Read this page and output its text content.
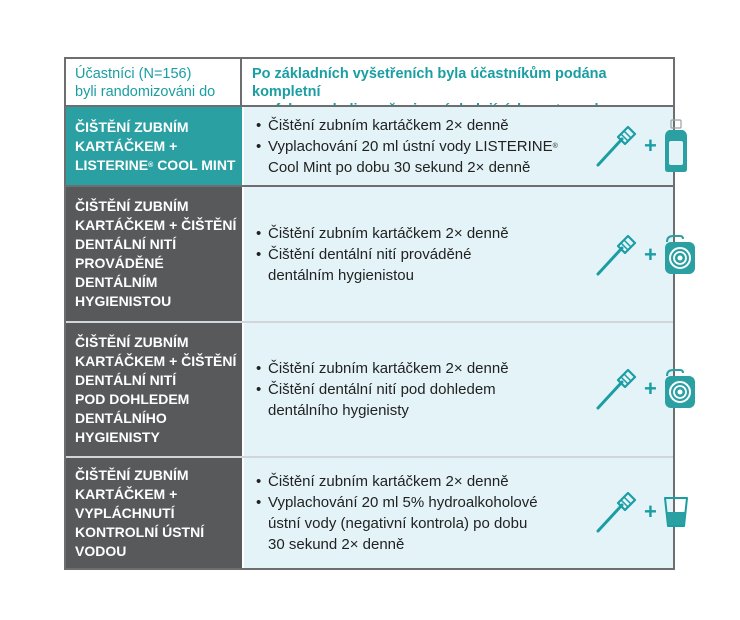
Účastníci (N=156)
byli randomizováni do
Po základních vyšetřeních byla účastníkům podána kompletní
ČIŠTĚNÍ ZUBNÍM
KARTÁČKEM +
LISTERINE® COOL MINT
• Čištění zubním kartáčkem 2× denně
• Vyplachování 20 ml ústní vody LISTERINE®
Cool Mint po dobu 30 sekund 2× denně
+
ČIŠTĚNÍ ZUBNÍM
KARTÁČKEM + ČIŠTĚNÍ
DENTÁLNÍ NITÍ
PROVÁDĚNÉ
DENTÁLNÍM
HYGIENISTOU
• Čištění zubním kartáčkem 2× denně
• Čištění dentální nití prováděné
dentálním hygienistou
+
ČIŠTĚNÍ ZUBNÍM
KARTÁČKEM + ČIŠTĚNÍ
DENTÁLNÍ NITÍ
POD DOHLEDEM
DENTÁLNÍHO
HYGIENISTY
• Čištění zubním kartáčkem 2× denně
• Čištění dentální nití pod dohledem
dentálního hygienisty
+
ČIŠTĚNÍ ZUBNÍM
KARTÁČKEM +
VYPLÁCHNUTÍ
KONTROLNÍ ÚSTNÍ
VODOU
• Čištění zubním kartáčkem 2× denně
• Vyplachování 20 ml 5% hydroalkoholové
ústní vody (negativní kontrola) po dobu
30 sekund 2× denně
+
